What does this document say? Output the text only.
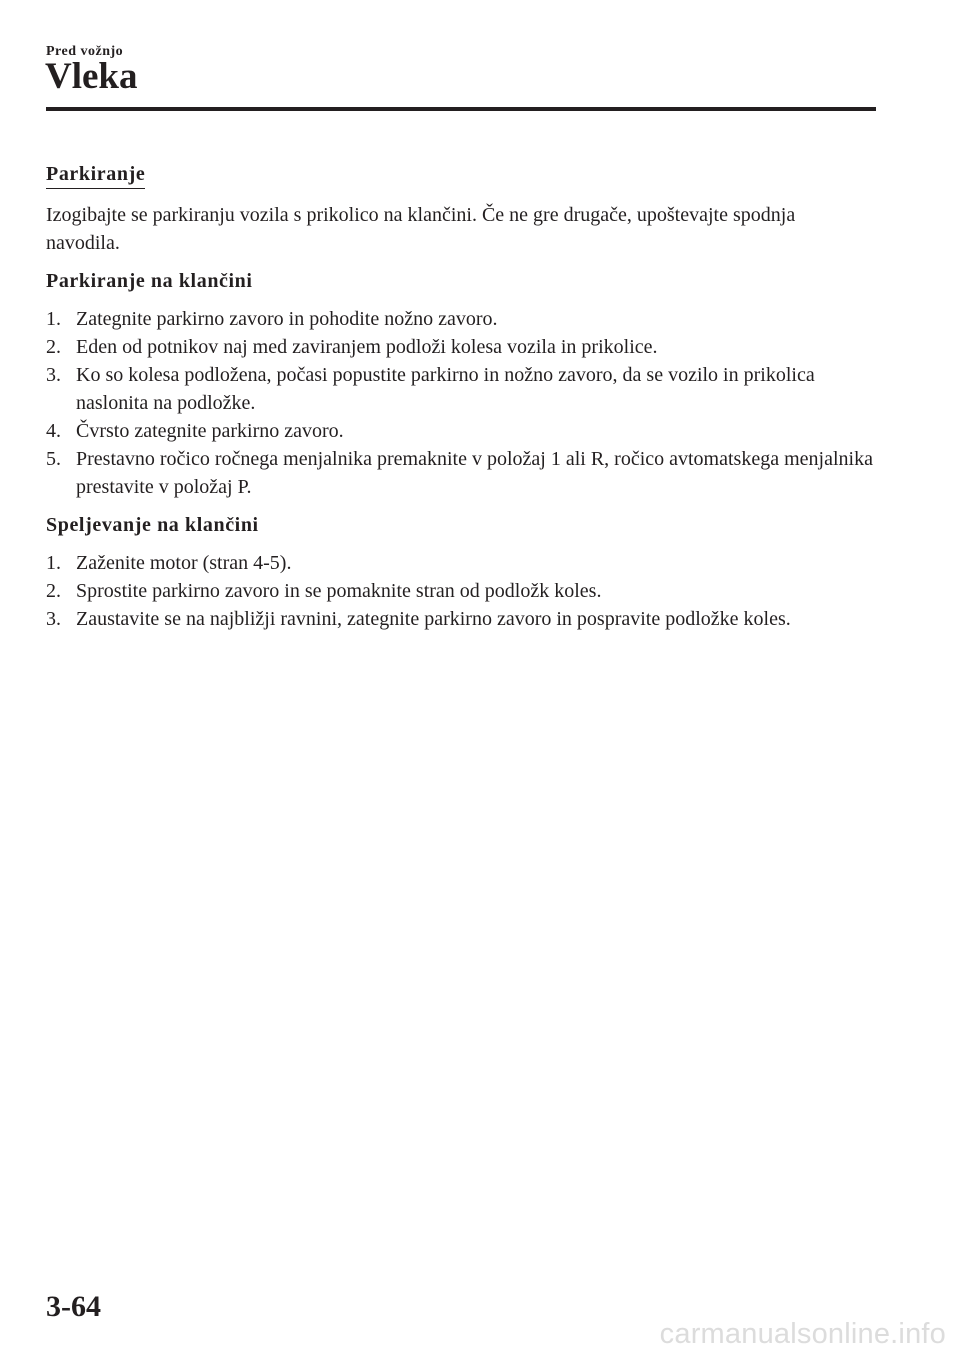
Pred vožnjo
Vleka
Parkiranje

Izogibajte se parkiranju vozila s prikolico na klančini. Če ne gre drugače, upoštevajte spodnja navodila.

Parkiranje na klančini
1. Zategnite parkirno zavoro in pohodite nožno zavoro.
2. Eden od potnikov naj med zaviranjem podloži kolesa vozila in prikolice.
3. Ko so kolesa podložena, počasi popustite parkirno in nožno zavoro, da se vozilo in prikolica naslonita na podložke.
4. Čvrsto zategnite parkirno zavoro.
5. Prestavno ročico ročnega menjalnika premaknite v položaj 1 ali R, ročico avtomatskega menjalnika prestavite v položaj P.
Speljevanje na klančini
1. Zaženite motor (stran 4-5).
2. Sprostite parkirno zavoro in se pomaknite stran od podložk koles.
3. Zaustavite se na najbližji ravnini, zategnite parkirno zavoro in pospravite podložke koles.
3-64
carmanualsonline.info
